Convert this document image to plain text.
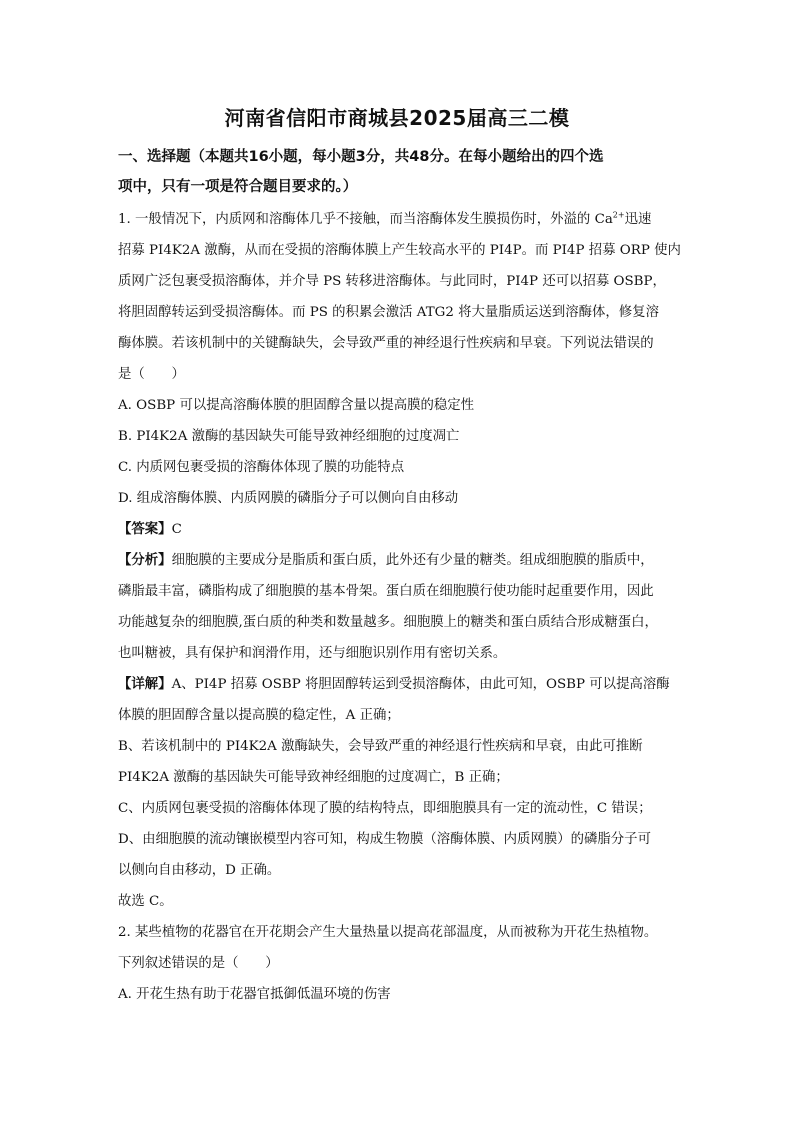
河南省信阳市商城县2025届高三二模
一、选择题（本题共16小题，每小题3分，共48分。在每小题给出的四个选
项中，只有一项是符合题目要求的。）
1. 一般情况下，内质网和溶酶体几乎不接触，而当溶酶体发生膜损伤时，外溢的 $Ca^{2+}$迅速
招募 PI4K2A 激酶，从而在受损的溶酶体膜上产生较高水平的 PI4P。而 PI4P 招募 ORP 使内
质网广泛包裹受损溶酶体，并介导 PS 转移进溶酶体。与此同时，PI4P 还可以招募 OSBP，
将胆固醇转运到受损溶酶体。而 PS 的积累会激活 ATG2 将大量脂质运送到溶酶体，修复溶
酶体膜。若该机制中的关键酶缺失，会导致严重的神经退行性疾病和早衰。下列说法错误的
是（　　）
A. OSBP 可以提高溶酶体膜的胆固醇含量以提高膜的稳定性
B. PI4K2A 激酶的基因缺失可能导致神经细胞的过度凋亡
C. 内质网包裹受损的溶酶体体现了膜的功能特点
D. 组成溶酶体膜、内质网膜的磷脂分子可以侧向自由移动
【答案】C
【分析】细胞膜的主要成分是脂质和蛋白质，此外还有少量的糖类。组成细胞膜的脂质中，
磷脂最丰富，磷脂构成了细胞膜的基本骨架。蛋白质在细胞膜行使功能时起重要作用，因此
功能越复杂的细胞膜,蛋白质的种类和数量越多。细胞膜上的糖类和蛋白质结合形成糖蛋白，
也叫糖被，具有保护和润滑作用，还与细胞识别作用有密切关系。
【详解】A、PI4P 招募 OSBP 将胆固醇转运到受损溶酶体，由此可知，OSBP 可以提高溶酶
体膜的胆固醇含量以提高膜的稳定性，A 正确；
B、若该机制中的 PI4K2A 激酶缺失，会导致严重的神经退行性疾病和早衰，由此可推断
PI4K2A 激酶的基因缺失可能导致神经细胞的过度凋亡，B 正确；
C、内质网包裹受损的溶酶体体现了膜的结构特点，即细胞膜具有一定的流动性，C 错误；
D、由细胞膜的流动镶嵌模型内容可知，构成生物膜（溶酶体膜、内质网膜）的磷脂分子可
以侧向自由移动，D 正确。
故选 C。
2. 某些植物的花器官在开花期会产生大量热量以提高花部温度，从而被称为开花生热植物。
下列叙述错误的是（　　）
A. 开花生热有助于花器官抵御低温环境的伤害
